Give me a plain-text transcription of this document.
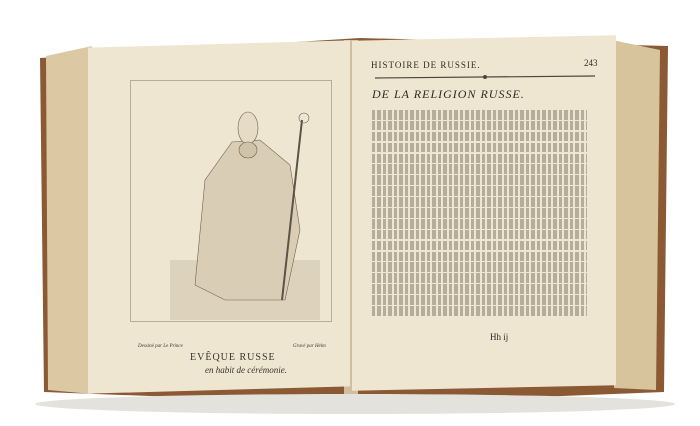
Dessiné par Le Prince	Gravé par Helm
EVÊQUE RUSSE
en habit de cérémonie.
HISTOIRE DE RUSSIE.	243
DE LA RELIGION RUSSE.
Hh ij
